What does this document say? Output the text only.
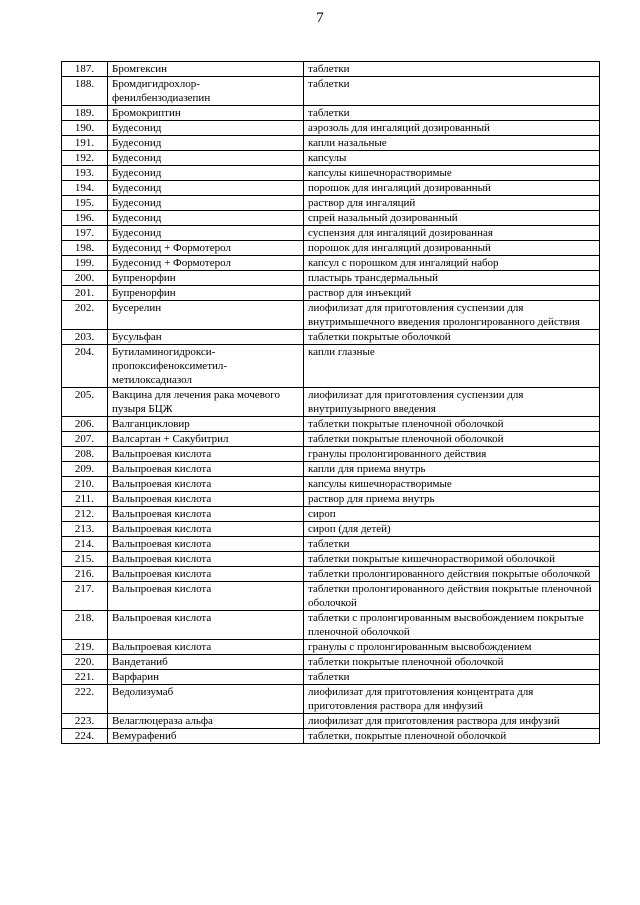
7
187.	Бромгексин	таблетки
188.	Бромдигидрохлор-
фенилбензодиазепин	таблетки
189.	Бромокриптин	таблетки
190.	Будесонид	аэрозоль для ингаляций дозированный
191.	Будесонид	капли назальные
192.	Будесонид	капсулы
193.	Будесонид	капсулы кишечнорастворимые
194.	Будесонид	порошок для ингаляций дозированный
195.	Будесонид	раствор для ингаляций
196.	Будесонид	спрей назальный дозированный
197.	Будесонид	суспензия для ингаляций дозированная
198.	Будесонид + Формотерол	порошок для ингаляций дозированный
199.	Будесонид + Формотерол	капсул с порошком для ингаляций набор
200.	Бупренорфин	пластырь трансдермальный
201.	Бупренорфин	раствор для инъекций
202.	Бусерелин	лиофилизат для приготовления суспензии для внутримышечного введения пролонгированного действия
203.	Бусульфан	таблетки покрытые оболочкой
204.	Бутиламиногидрокси-
пропоксифеноксиметил-
метилоксадиазол	капли глазные
205.	Вакцина для лечения рака мочевого пузыря БЦЖ	лиофилизат для приготовления суспензии для внутрипузырного введения
206.	Валганцикловир	таблетки покрытые пленочной оболочкой
207.	Валсартан + Сакубитрил	таблетки покрытые пленочной оболочкой
208.	Вальпроевая кислота	гранулы пролонгированного действия
209.	Вальпроевая кислота	капли для приема внутрь
210.	Вальпроевая кислота	капсулы кишечнорастворимые
211.	Вальпроевая кислота	раствор для приема внутрь
212.	Вальпроевая кислота	сироп
213.	Вальпроевая кислота	сироп (для детей)
214.	Вальпроевая кислота	таблетки
215.	Вальпроевая кислота	таблетки покрытые кишечнорастворимой оболочкой
216.	Вальпроевая кислота	таблетки пролонгированного действия покрытые оболочкой
217.	Вальпроевая кислота	таблетки пролонгированного действия покрытые пленочной оболочкой
218.	Вальпроевая кислота	таблетки с пролонгированным высвобождением покрытые пленочной оболочкой
219.	Вальпроевая кислота	гранулы с пролонгированным высвобождением
220.	Вандетаниб	таблетки покрытые пленочной оболочкой
221.	Варфарин	таблетки
222.	Ведолизумаб	лиофилизат для приготовления концентрата для приготовления раствора для инфузий
223.	Велаглюцераза альфа	лиофилизат для приготовления раствора для инфузий
224.	Вемурафениб	таблетки, покрытые пленочной оболочкой
